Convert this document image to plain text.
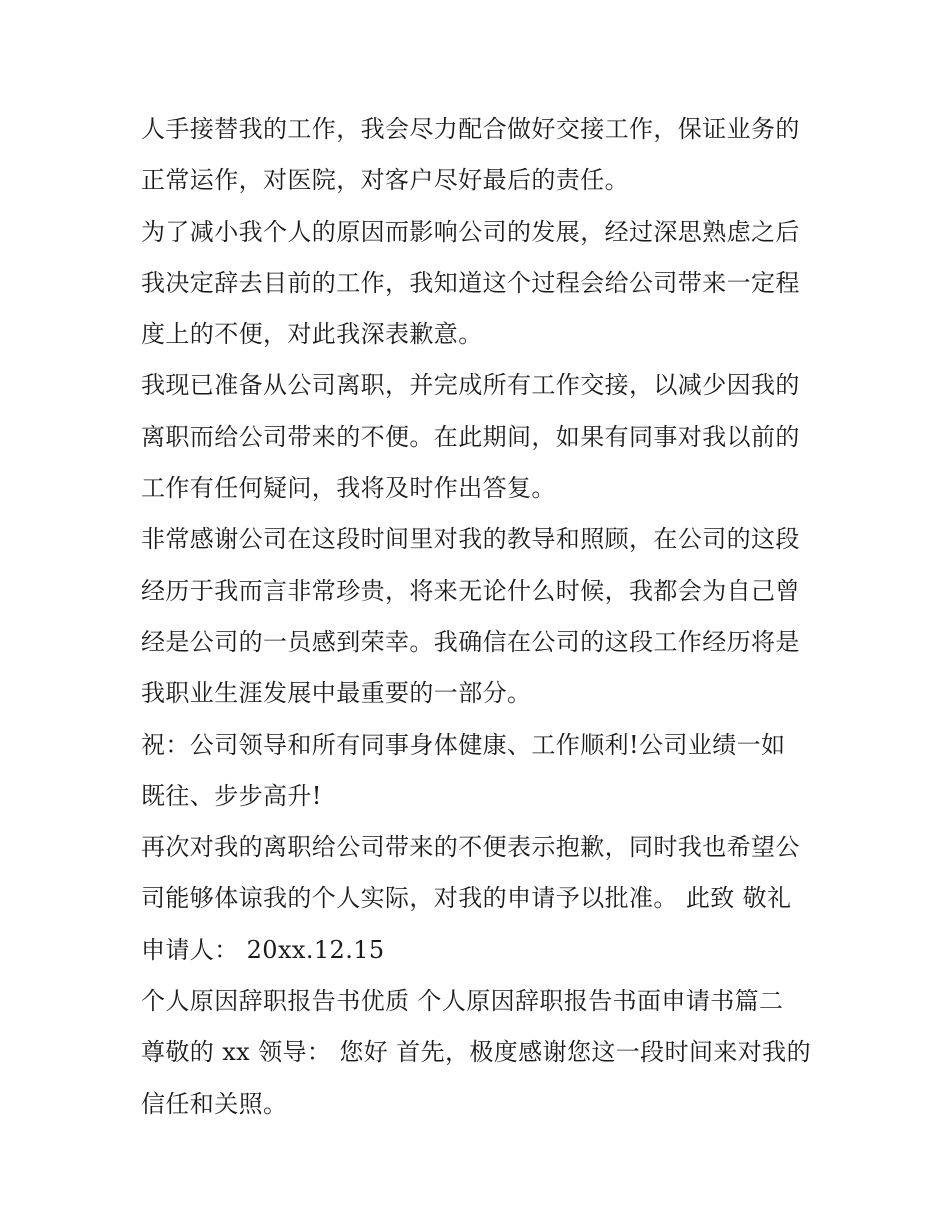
人手接替我的工作，我会尽力配合做好交接工作，保证业务的
正常运作，对医院，对客户尽好最后的责任。
为了减小我个人的原因而影响公司的发展，经过深思熟虑之后
我决定辞去目前的工作，我知道这个过程会给公司带来一定程
度上的不便，对此我深表歉意。
我现已准备从公司离职，并完成所有工作交接，以减少因我的
离职而给公司带来的不便。在此期间，如果有同事对我以前的
工作有任何疑问，我将及时作出答复。
非常感谢公司在这段时间里对我的教导和照顾，在公司的这段
经历于我而言非常珍贵，将来无论什么时候，我都会为自己曾
经是公司的一员感到荣幸。我确信在公司的这段工作经历将是
我职业生涯发展中最重要的一部分。
祝：公司领导和所有同事身体健康、工作顺利!公司业绩一如
既往、步步高升!
再次对我的离职给公司带来的不便表示抱歉，同时我也希望公
司能够体谅我的个人实际，对我的申请予以批准。 此致 敬礼
申请人： 20xx.12.15
个人原因辞职报告书优质 个人原因辞职报告书面申请书篇二
尊敬的 xx 领导： 您好 首先，极度感谢您这一段时间来对我的
信任和关照。
